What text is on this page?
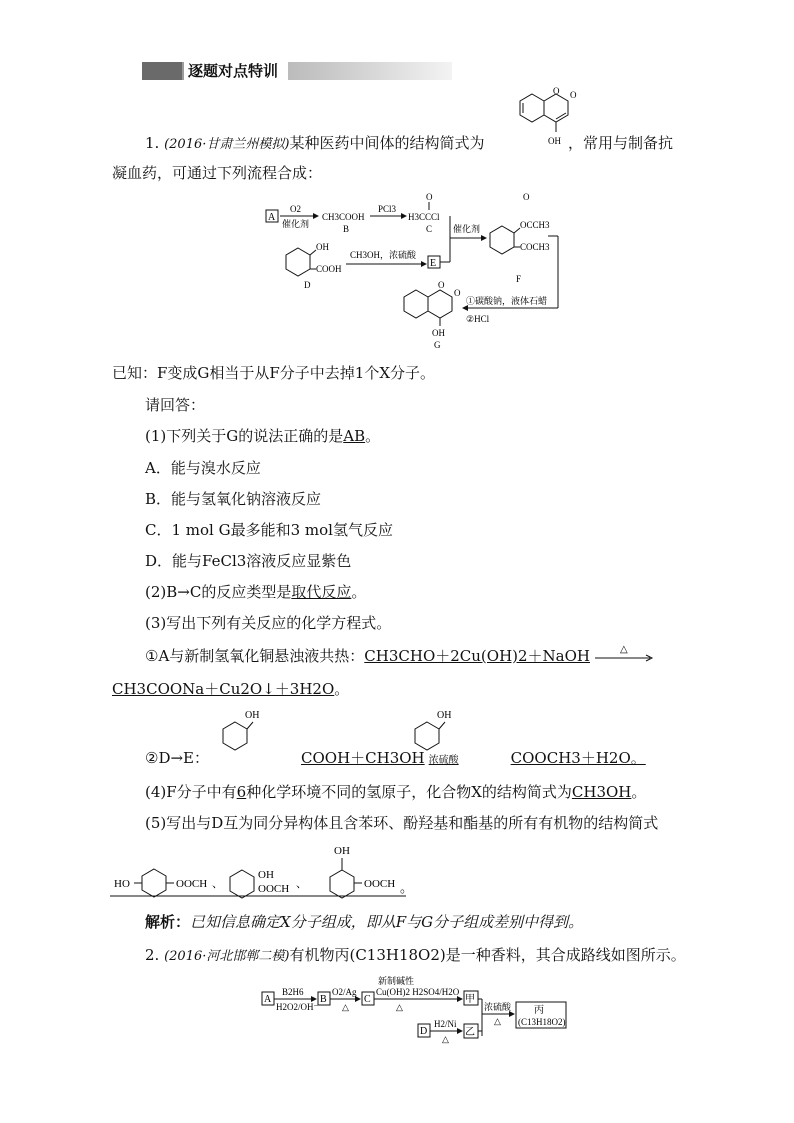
逐题对点特训
O O
OH
1. (2016·甘肃兰州模拟)某种医药中间体的结构简式为	，常用与制备抗
凝血药，可通过下列流程合成：
A
O2
催化剂
CH3COOH
B
PCl3
O
H3CCCl
C 催化剂
OH
COOH
D
CH3OH，浓硫酸
E
O
OCCH3
COCH3
F
①碳酸钠，液体石蜡
②HCl
O
O
OH
G
已知：F变成G相当于从F分子中去掉1个X分子。
请回答：
(1)下列关于G的说法正确的是AB。
A．能与溴水反应
B．能与氢氧化钠溶液反应
C．1 mol G最多能和3 mol氢气反应
D．能与FeCl3溶液反应显紫色
(2)B→C的反应类型是取代反应。
(3)写出下列有关反应的化学方程式。
①A与新制氢氧化铜悬浊液共热：CH3CHO＋2Cu(OH)2＋NaOH	△
CH3COONa＋Cu2O↓＋3H2O。
OH	OH
②D→E：	COOH＋CH3OH 浓硫酸	COOCH3＋H2O。
(4)F分子中有6种化学环境不同的氢原子，化合物X的结构简式为CH3OH。
(5)写出与D互为同分异构体且含苯环、酚羟基和酯基的所有有机物的结构简式
HO	OOCH 、
OH
OOCH 、
OH
OOCH 。
解析：已知信息确定X分子组成，即从F与G分子组成差别中得到。
2. (2016·河北邯郸二模)有机物丙(C13H18O2)是一种香料，其合成路线如图所示。
A
B2H6
H2O2/OH⁻
B
O2/Ag
△
C
新制碱性
Cu(OH)2 H2SO4/H2O
△
甲
浓硫酸
△
丙
(C13H18O2)
D
H2/Ni
△
乙
